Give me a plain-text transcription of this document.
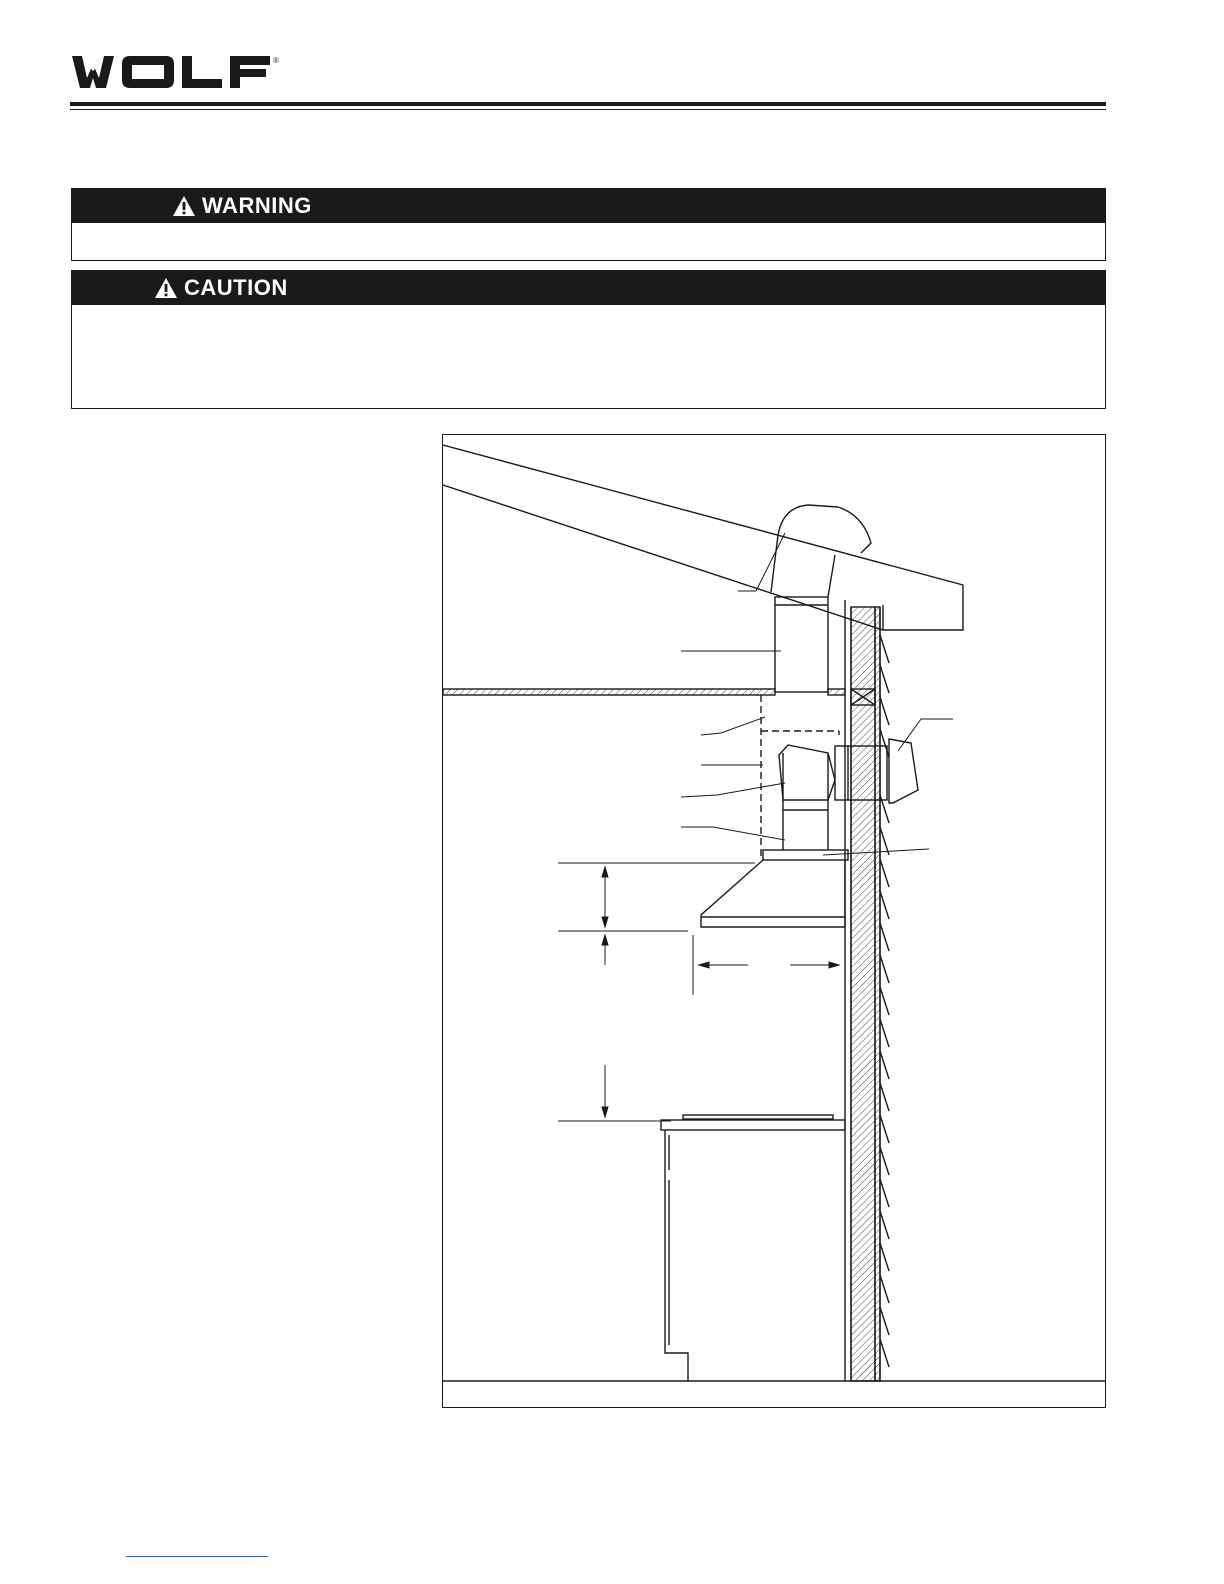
®
WARNING
CAUTION
